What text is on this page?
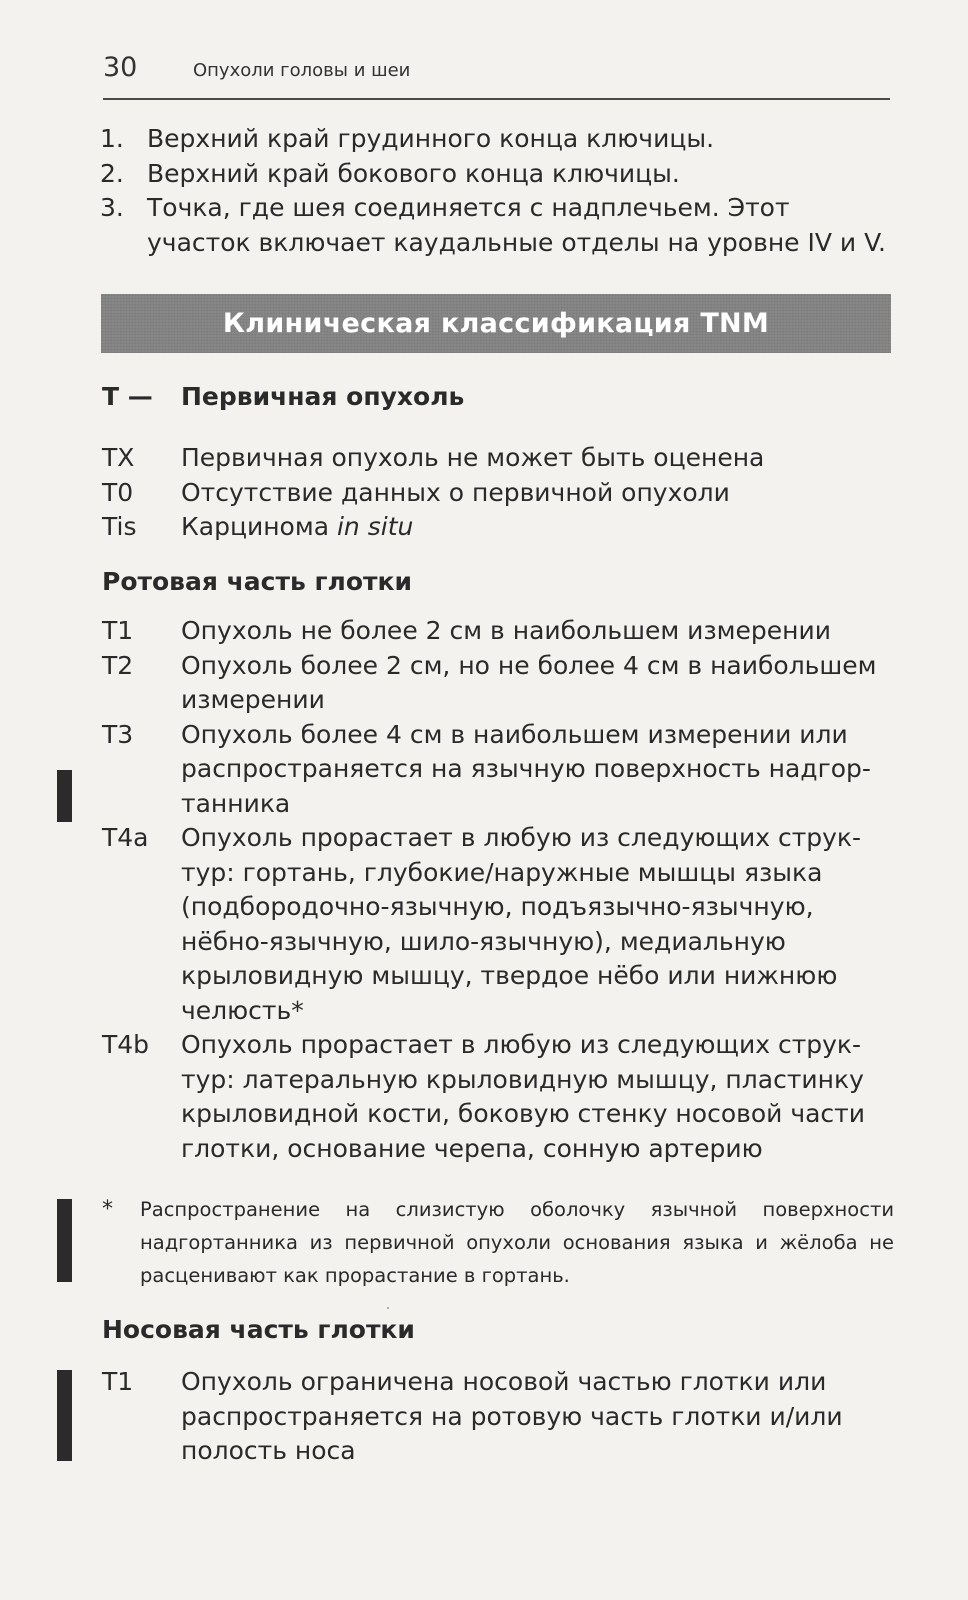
30	Опухоли головы и шеи
1. Верхний край грудинного конца ключицы.
2. Верхний край бокового конца ключицы.
3. Точка, где шея соединяется с надплечьем. Этот участок включает каудальные отделы на уровне IV и V.
Клиническая классификация TNM
T —	Первичная опухоль
TX	Первичная опухоль не может быть оценена
T0	Отсутствие данных о первичной опухоли
Tis	Карцинома in situ
Ротовая часть глотки
T1	Опухоль не более 2 см в наибольшем измерении
T2	Опухоль более 2 см, но не более 4 см в наибольшем измерении
T3	Опухоль более 4 см в наибольшем измерении или распространяется на язычную поверхность надгортанника
T4a	Опухоль прорастает в любую из следующих структур: гортань, глубокие/наружные мышцы языка (подбородочно-язычную, подъязычно-язычную, нёбно-язычную, шило-язычную), медиальную крыловидную мышцу, твердое нёбо или нижнюю челюсть*
T4b	Опухоль прорастает в любую из следующих структур: латеральную крыловидную мышцу, пластинку крыловидной кости, боковую стенку носовой части глотки, основание черепа, сонную артерию
*	Распространение на слизистую оболочку язычной поверхности надгортанника из первичной опухоли основания языка и жёлоба не расценивают как прорастание в гортань.
Носовая часть глотки
T1	Опухоль ограничена носовой частью глотки или распространяется на ротовую часть глотки и/или полость носа
